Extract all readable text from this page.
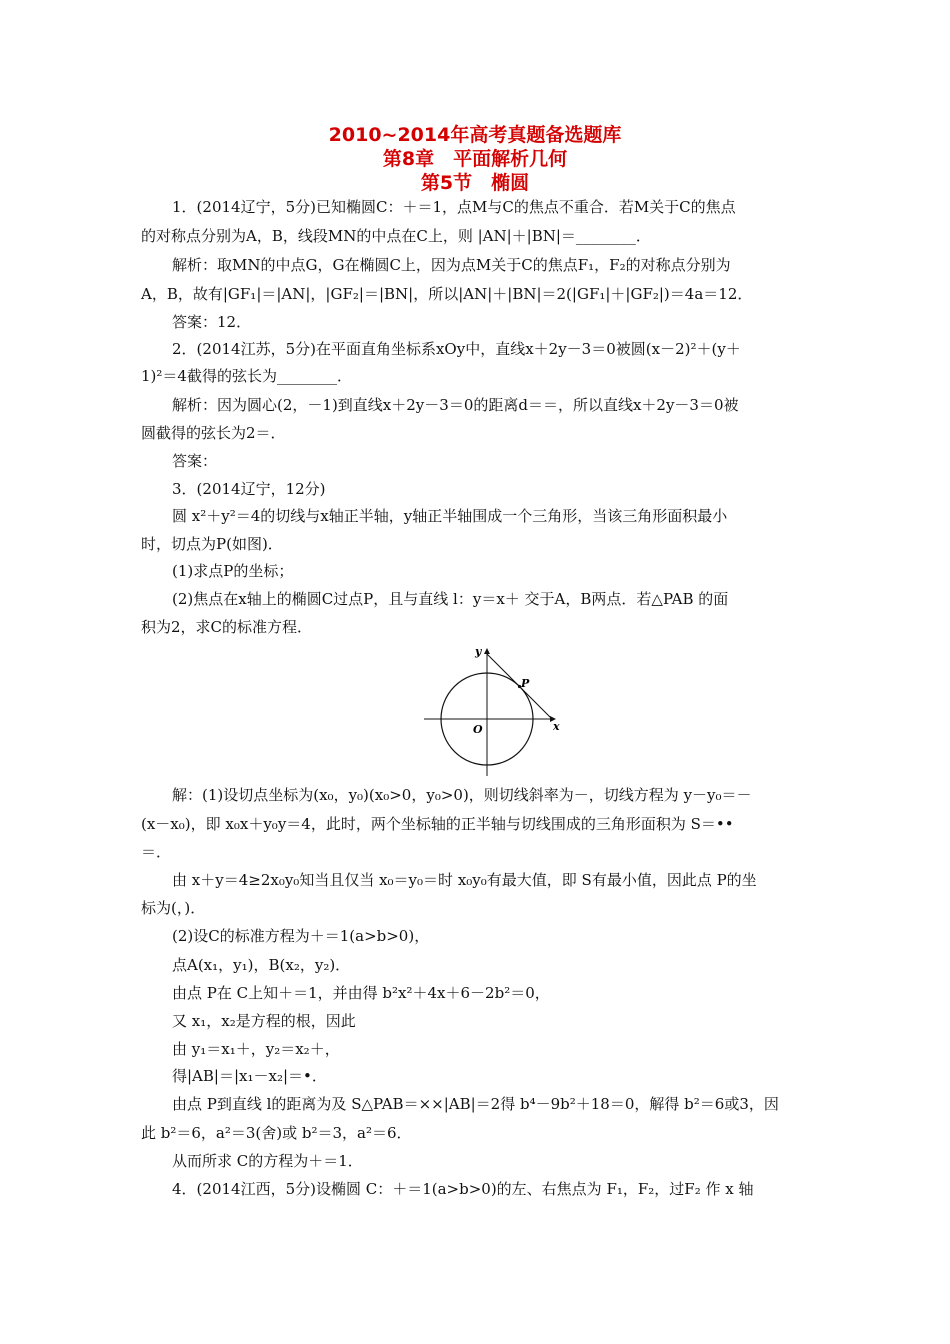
2010~2014年高考真题备选题库
第8章　平面解析几何
第5节　椭圆
1．(2014辽宁，5分)已知椭圆C：＋＝1，点M与C的焦点不重合．若M关于C的焦点
的对称点分别为A，B，线段MN的中点在C上，则 |AN|＋|BN|＝________．
解析：取MN的中点G，G在椭圆C上，因为点M关于C的焦点F₁，F₂的对称点分别为
A，B，故有|GF₁|＝|AN|，|GF₂|＝|BN|，所以|AN|＋|BN|＝2(|GF₁|＋|GF₂|)＝4a＝12．
答案：12．
2．(2014江苏，5分)在平面直角坐标系xOy中，直线x＋2y－3＝0被圆(x－2)²＋(y＋
1)²＝4截得的弦长为________．
解析：因为圆心(2，－1)到直线x＋2y－3＝0的距离d＝＝，所以直线x＋2y－3＝0被
圆截得的弦长为2＝．
答案：
3．(2014辽宁，12分)
圆 x²＋y²＝4的切线与x轴正半轴，y轴正半轴围成一个三角形，当该三角形面积最小
时，切点为P(如图)．
(1)求点P的坐标；
(2)焦点在x轴上的椭圆C过点P，且与直线 l：y＝x＋ 交于A，B两点．若△PAB 的面
积为2，求C的标准方程．
y
x
O
P
解：(1)设切点坐标为(x₀，y₀)(x₀>0，y₀>0)，则切线斜率为－，切线方程为 y－y₀＝－
(x－x₀)，即 x₀x＋y₀y＝4，此时，两个坐标轴的正半轴与切线围成的三角形面积为 S＝••
＝．
由 x＋y＝4≥2x₀y₀知当且仅当 x₀＝y₀＝时 x₀y₀有最大值，即 S有最小值，因此点 P的坐
标为(，)．
(2)设C的标准方程为＋＝1(a>b>0)，
点A(x₁，y₁)，B(x₂，y₂)．
由点 P在 C上知＋＝1，并由得 b²x²＋4x＋6－2b²＝0，
又 x₁，x₂是方程的根，因此
由 y₁＝x₁＋，y₂＝x₂＋，
得|AB|＝|x₁－x₂|＝•．
由点 P到直线 l的距离为及 S△PAB＝××|AB|＝2得 b⁴－9b²＋18＝0，解得 b²＝6或3，因
此 b²＝6，a²＝3(舍)或 b²＝3，a²＝6．
从而所求 C的方程为＋＝1．
4．(2014江西，5分)设椭圆 C：＋＝1(a>b>0)的左、右焦点为 F₁，F₂，过F₂ 作 x 轴
